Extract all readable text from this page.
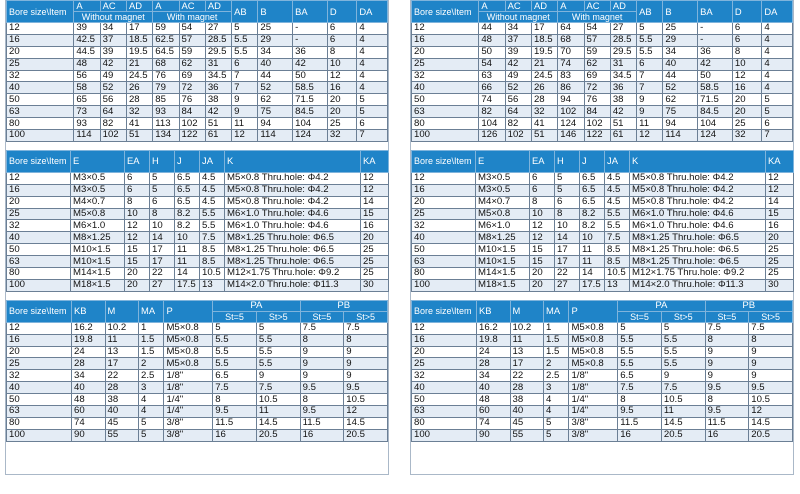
Bore size\Item	A	AC	AD	A	AC	AD	AB	B	BA	D	DA
	Without magnet			With magnet							
12	39	34	17	59	54	27	5	25	-	6	4
16	42.5	37	18.5	62.5	57	28.5	5.5	29	-	6	4
20	44.5	39	19.5	64.5	59	29.5	5.5	34	36	8	4
25	48	42	21	68	62	31	6	40	42	10	4
32	56	49	24.5	76	69	34.5	7	44	50	12	4
40	58	52	26	79	72	36	7	52	58.5	16	4
50	65	56	28	85	76	38	9	62	71.5	20	5
63	73	64	32	93	84	42	9	75	84.5	20	5
80	93	82	41	113	102	51	11	94	104	25	6
100	114	102	51	134	122	61	12	114	124	32	7
Bore size\Item	E	EA	H	J	JA	K	KA
12	M3×0.5	6	5	6.5	4.5	M5×0.8 Thru.hole: Φ4.2	12
16	M3×0.5	6	5	6.5	4.5	M5×0.8 Thru.hole: Φ4.2	12
20	M4×0.7	8	6	6.5	4.5	M5×0.8 Thru.hole: Φ4.2	14
25	M5×0.8	10	8	8.2	5.5	M6×1.0 Thru.hole: Φ4.6	15
32	M6×1.0	12	10	8.2	5.5	M6×1.0 Thru.hole: Φ4.6	16
40	M8×1.25	12	14	10	7.5	M8×1.25 Thru.hole: Φ6.5	20
50	M10×1.5	15	17	11	8.5	M8×1.25 Thru.hole: Φ6.5	25
63	M10×1.5	15	17	11	8.5	M8×1.25 Thru.hole: Φ6.5	25
80	M14×1.5	20	22	14	10.5	M12×1.75 Thru.hole: Φ9.2	25
100	M18×1.5	20	27	17.5	13	M14×2.0 Thru.hole: Φ11.3	30
Bore size\Item	KB	M	MA	P	PA		PB	
					St=5	St>5	St=5	St>5
12	16.2	10.2	1	M5×0.8	5	5	7.5	7.5
16	19.8	11	1.5	M5×0.8	5.5	5.5	8	8
20	24	13	1.5	M5×0.8	5.5	5.5	9	9
25	28	17	2	M5×0.8	5.5	5.5	9	9
32	34	22	2.5	1/8"	6.5	9	9	9
40	40	28	3	1/8"	7.5	7.5	9.5	9.5
50	48	38	4	1/4"	8	10.5	8	10.5
63	60	40	4	1/4"	9.5	11	9.5	12
80	74	45	5	3/8"	11.5	14.5	11.5	14.5
100	90	55	5	3/8"	16	20.5	16	20.5
Bore size\Item	A	AC	AD	A	AC	AD	AB	B	BA	D	DA
	Without magnet			With magnet							
12	44	34	17	64	54	27	5	25	-	6	4
16	48	37	18.5	68	57	28.5	5.5	29	-	6	4
20	50	39	19.5	70	59	29.5	5.5	34	36	8	4
25	54	42	21	74	62	31	6	40	42	10	4
32	63	49	24.5	83	69	34.5	7	44	50	12	4
40	66	52	26	86	72	36	7	52	58.5	16	4
50	74	56	28	94	76	38	9	62	71.5	20	5
63	82	64	32	102	84	42	9	75	84.5	20	5
80	104	82	41	124	102	51	11	94	104	25	6
100	126	102	51	146	122	61	12	114	124	32	7
Bore size\Item	E	EA	H	J	JA	K	KA
12	M3×0.5	6	5	6.5	4.5	M5×0.8 Thru.hole: Φ4.2	12
16	M3×0.5	6	5	6.5	4.5	M5×0.8 Thru.hole: Φ4.2	12
20	M4×0.7	8	6	6.5	4.5	M5×0.8 Thru.hole: Φ4.2	14
25	M5×0.8	10	8	8.2	5.5	M6×1.0 Thru.hole: Φ4.6	15
32	M6×1.0	12	10	8.2	5.5	M6×1.0 Thru.hole: Φ4.6	16
40	M8×1.25	12	14	10	7.5	M8×1.25 Thru.hole: Φ6.5	20
50	M10×1.5	15	17	11	8.5	M8×1.25 Thru.hole: Φ6.5	25
63	M10×1.5	15	17	11	8.5	M8×1.25 Thru.hole: Φ6.5	25
80	M14×1.5	20	22	14	10.5	M12×1.75 Thru.hole: Φ9.2	25
100	M18×1.5	20	27	17.5	13	M14×2.0 Thru.hole: Φ11.3	30
Bore size\Item	KB	M	MA	P	PA		PB	
					St=5	St>5	St=5	St>5
12	16.2	10.2	1	M5×0.8	5	5	7.5	7.5
16	19.8	11	1.5	M5×0.8	5.5	5.5	8	8
20	24	13	1.5	M5×0.8	5.5	5.5	9	9
25	28	17	2	M5×0.8	5.5	5.5	9	9
32	34	22	2.5	1/8"	6.5	9	9	9
40	40	28	3	1/8"	7.5	7.5	9.5	9.5
50	48	38	4	1/4"	8	10.5	8	10.5
63	60	40	4	1/4"	9.5	11	9.5	12
80	74	45	5	3/8"	11.5	14.5	11.5	14.5
100	90	55	5	3/8"	16	20.5	16	20.5
